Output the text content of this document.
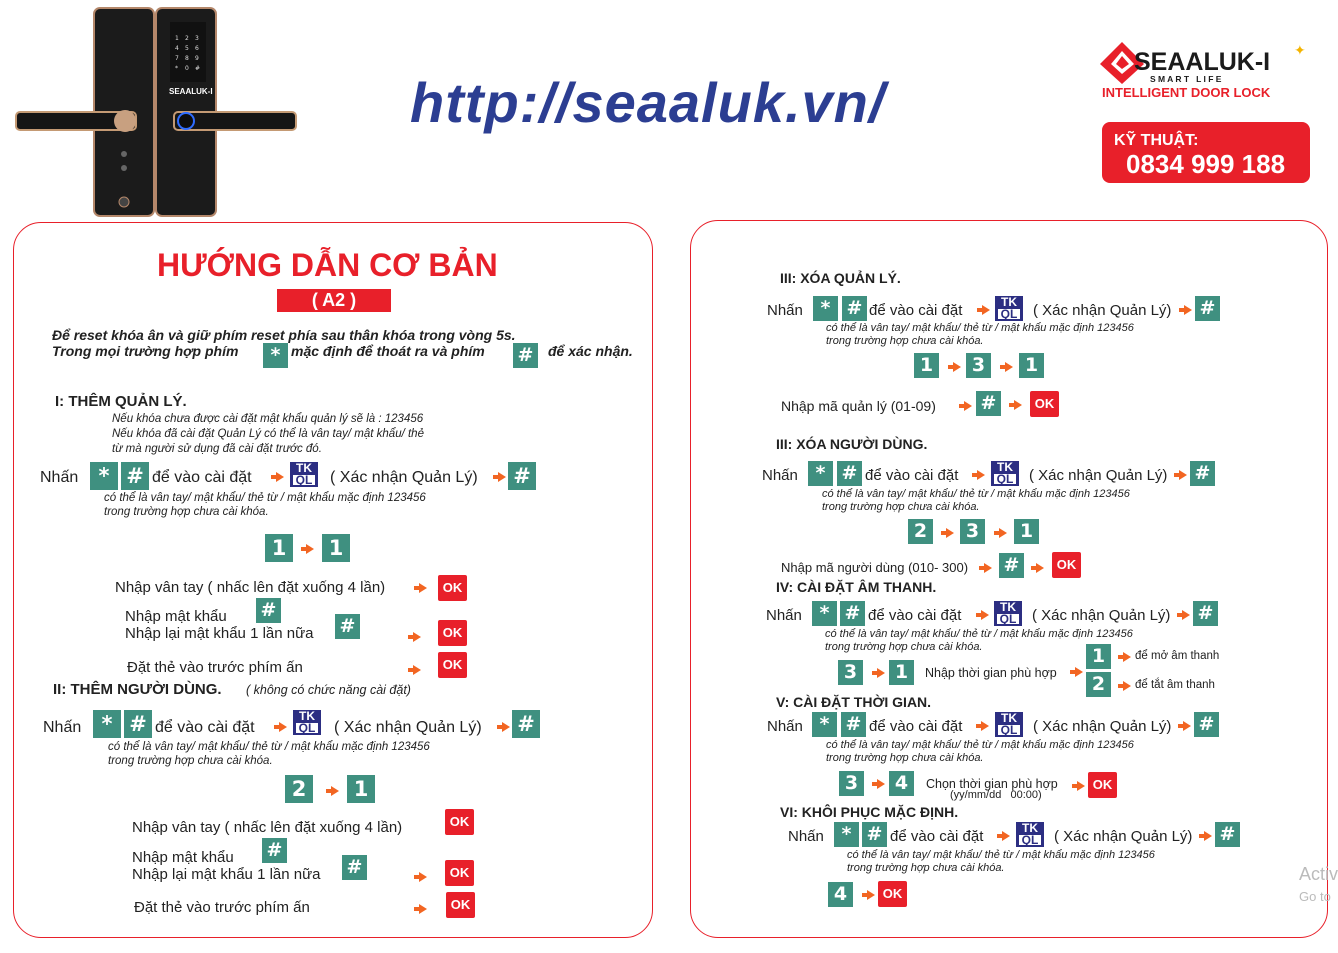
1 2 3
4 5 6
7 8 9
* 0 #
SEAALUK-I	http://seaaluk.vn/
SEAALUK-I ✦
S M A R T   L I F E
INTELLIGENT DOOR LOCK
KỸ THUẬT:
0834 999 188
HƯỚNG DẪN CƠ BẢN
( A2 )
Để reset khóa ân và giữ phím reset phía sau thân khóa trong vòng 5s.
Trong mọi trường hợp phím	* mặc định để thoát ra và phím #	để xác nhận.
I: THÊM QUẢN LÝ.
Nếu khóa chưa được cài đặt mật khẩu quản lý sẽ là : 123456
Nếu khóa đã cài đặt Quản Lý có thể là vân tay/ mật khẩu/ thẻ
từ mà người sử dụng đã cài đặt trước đó.
Nhấn * # để vào cài đặt
TK
QL ( Xác nhận Quản Lý) #
có thể là vân tay/ mật khẩu/ thẻ từ / mật khẩu mặc định 123456
trong trường hợp chưa cài khóa.
1	1
Nhập vân tay ( nhấc lên đặt xuống 4 lần)	OK
Nhập mật khẩu #
Nhập lại mật khẩu 1 lần nữa #	OK
Đặt thẻ vào trước phím ấn	OK
II: THÊM NGƯỜI DÙNG. ( không có chức năng cài đặt)
Nhấn * # để vào cài đặt
TK
QL ( Xác nhận Quản Lý) #
có thể là vân tay/ mật khẩu/ thẻ từ / mật khẩu mặc định 123456
trong trường hợp chưa cài khóa.
2	1
Nhập vân tay ( nhấc lên đặt xuống 4 lần)	OK
Nhập mật khẩu #
Nhập lại mật khẩu 1 lần nữa #	OK
Đặt thẻ vào trước phím ấn	OK
III: XÓA QUẢN LÝ.
Nhấn * # để vào cài đặt	TK
QL ( Xác nhận Quản Lý) #
có thể là vân tay/ mật khẩu/ thẻ từ / mật khẩu mặc định 123456
trong trường hợp chưa cài khóa.
1	3	1
Nhập mã quản lý (01-09) #	OK
III: XÓA NGƯỜI DÙNG.
Nhấn * # để vào cài đặt	TK
QL ( Xác nhận Quản Lý) #
có thể là vân tay/ mật khẩu/ thẻ từ / mật khẩu mặc định 123456
trong trường hợp chưa cài khóa.
2	3	1
Nhập mã người dùng (010- 300) #	OK
IV: CÀI ĐẶT ÂM THANH.
Nhấn * # để vào cài đặt	TK
QL ( Xác nhận Quản Lý) #
có thể là vân tay/ mật khẩu/ thẻ từ / mật khẩu mặc định 123456
trong trường hợp chưa cài khóa.
3	1	Nhập thời gian phù hợp
1	để mở âm thanh
2	để tắt âm thanh
V: CÀI ĐẶT THỜI GIAN.
Nhấn * # để vào cài đặt	TK
QL ( Xác nhận Quản Lý) #
có thể là vân tay/ mật khẩu/ thẻ từ / mật khẩu mặc định 123456
trong trường hợp chưa cài khóa.
3	4	Chọn thời gian phù hợp
(yy/mm/dd   00:00)
OK
VI: KHÔI PHỤC MẶC ĐỊNH.
Nhấn * # để vào cài đặt	TK
QL ( Xác nhận Quản Lý) #
có thể là vân tay/ mật khẩu/ thẻ từ / mật khẩu mặc định 123456
trong trường hợp chưa cài khóa.
4	OK
Activ
Go to
